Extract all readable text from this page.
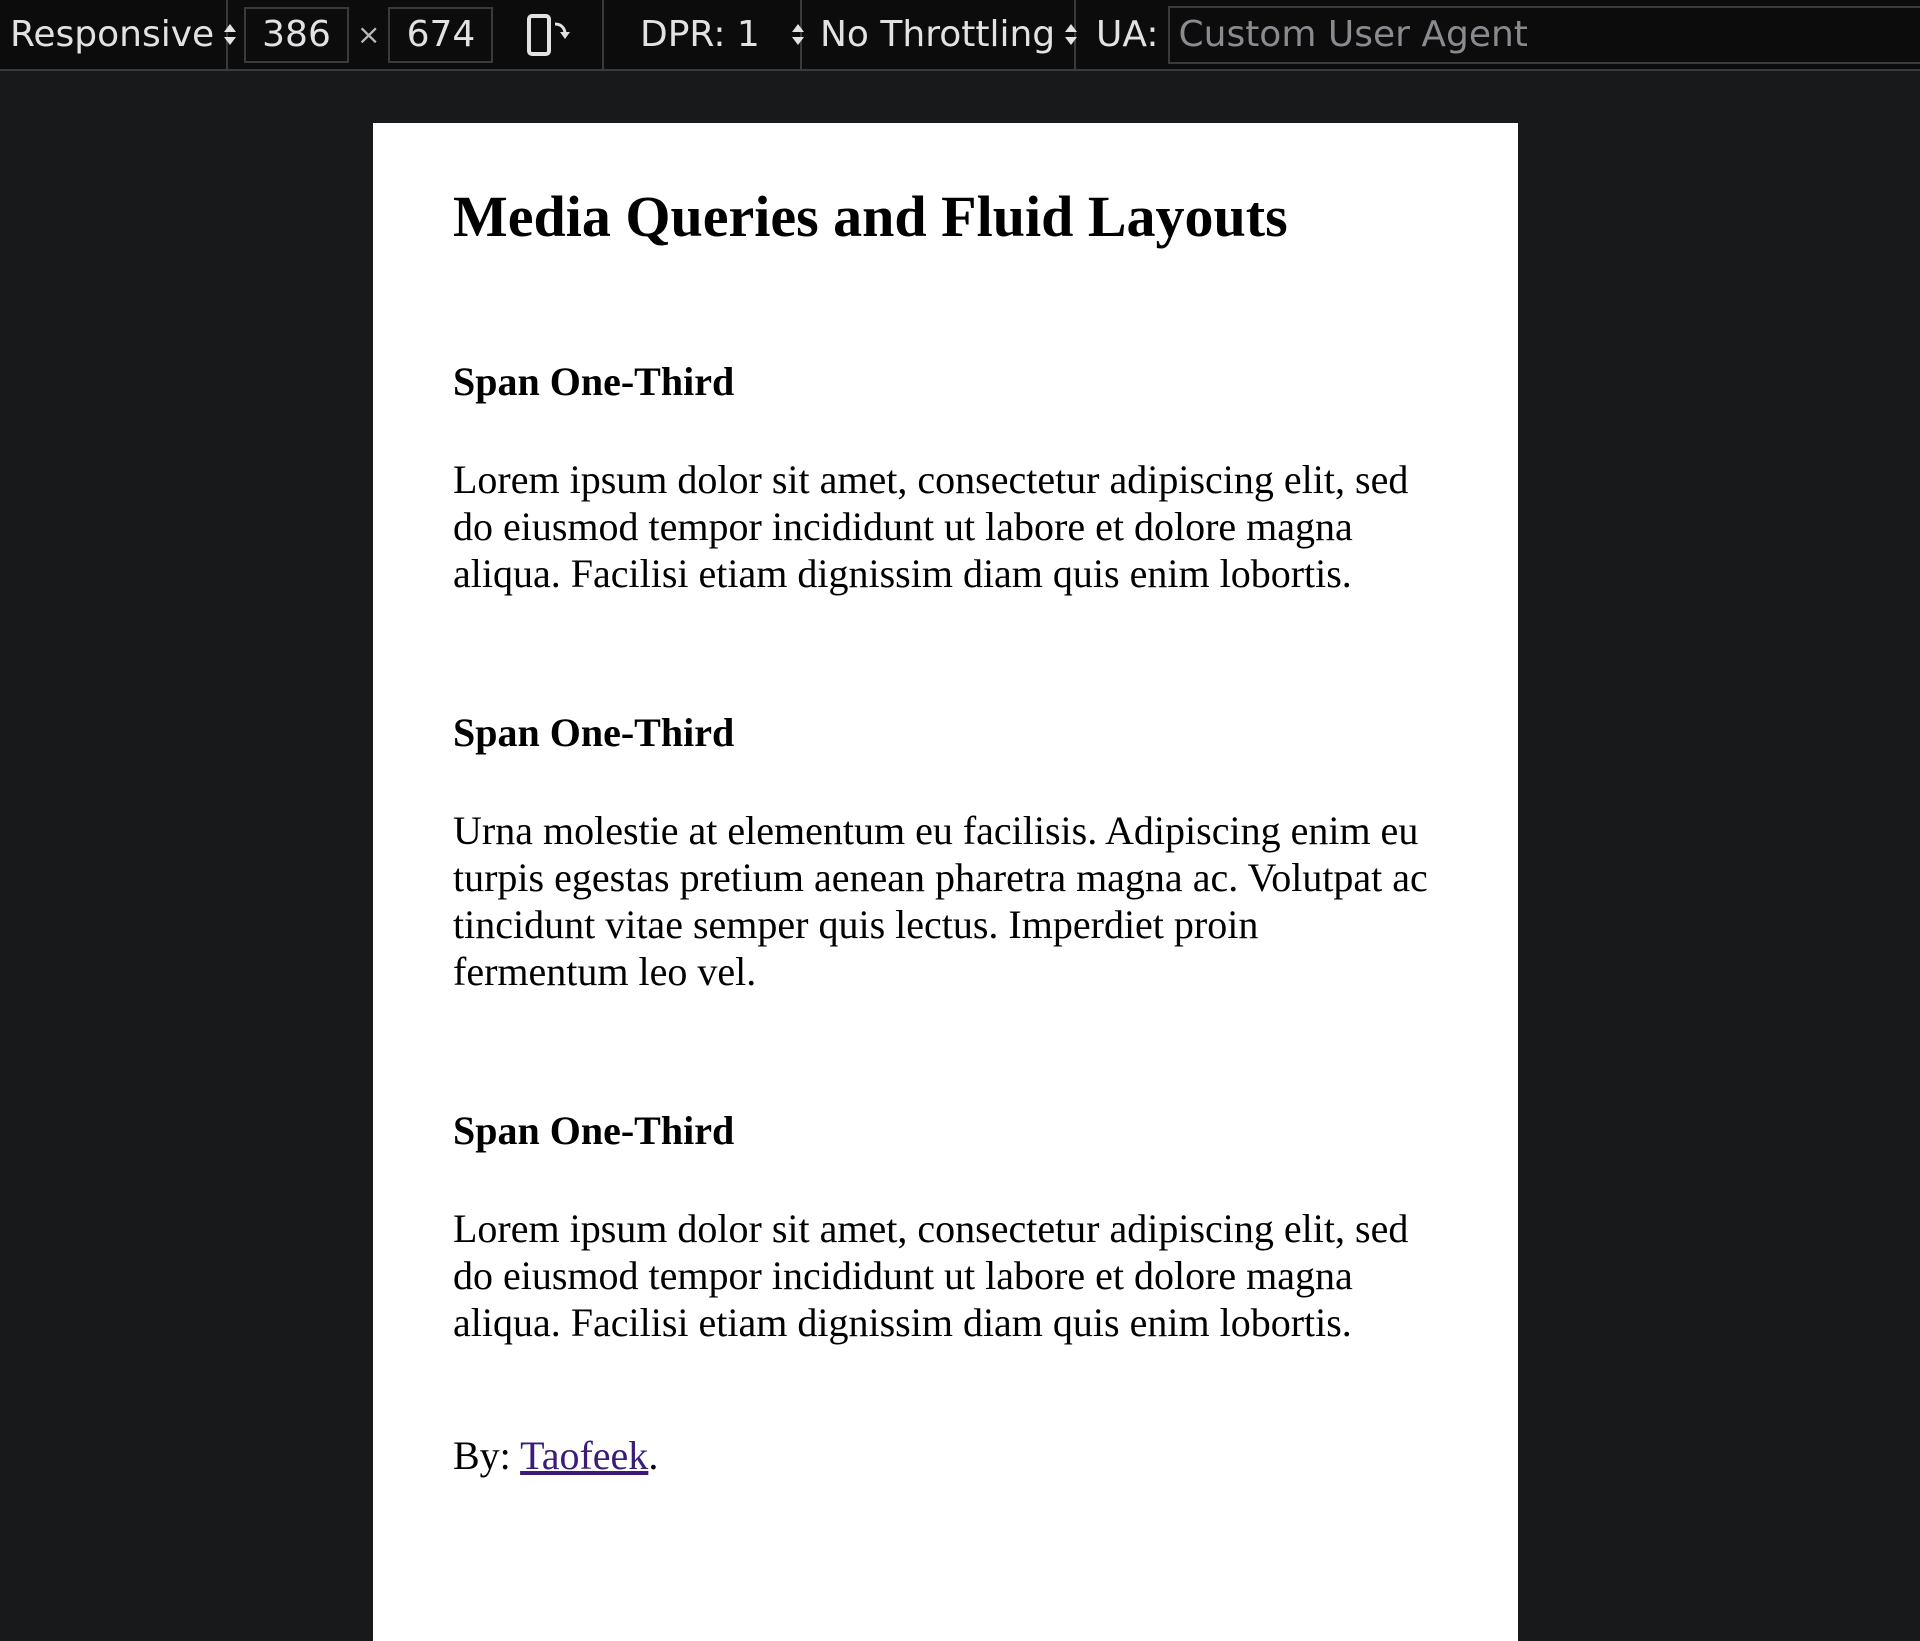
Responsive
386	×
674	DPR: 1 No Throttling UA:
Custom User Agent
Media Queries and Fluid Layouts
Span One-Third

Lorem ipsum dolor sit amet, consectetur adipiscing elit, sed do eiusmod tempor incididunt ut labore et dolore magna aliqua. Facilisi etiam dignissim diam quis enim lobortis.

Span One-Third

Urna molestie at elementum eu facilisis. Adipiscing enim eu turpis egestas pretium aenean pharetra magna ac. Volutpat ac tincidunt vitae semper quis lectus. Imperdiet proin fermentum leo vel.

Span One-Third

Lorem ipsum dolor sit amet, consectetur adipiscing elit, sed do eiusmod tempor incididunt ut labore et dolore magna aliqua. Facilisi etiam dignissim diam quis enim lobortis.

By: Taofeek.
